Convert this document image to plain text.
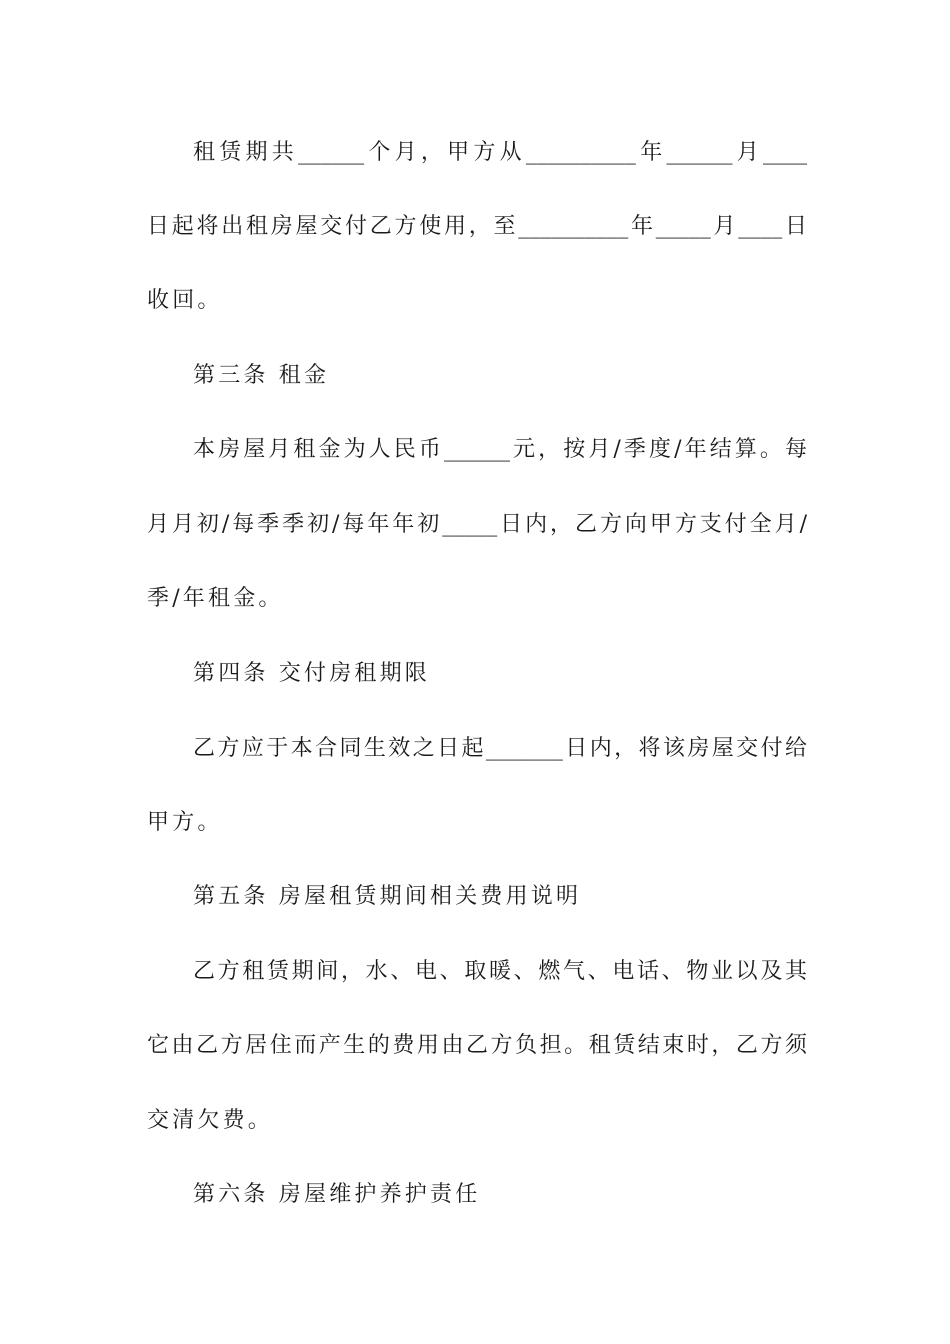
租赁期共______个月，甲方从__________年______月____
日起将出租房屋交付乙方使用，至__________年_____月____日
收回。
第三条 租金
本房屋月租金为人民币______元，按月/季度/年结算。每
月月初/每季季初/每年年初_____日内，乙方向甲方支付全月/
季/年租金。
第四条 交付房租期限
乙方应于本合同生效之日起_______日内，将该房屋交付给
甲方。
第五条 房屋租赁期间相关费用说明
乙方租赁期间，水、电、取暖、燃气、电话、物业以及其
它由乙方居住而产生的费用由乙方负担。租赁结束时，乙方须
交清欠费。
第六条 房屋维护养护责任
